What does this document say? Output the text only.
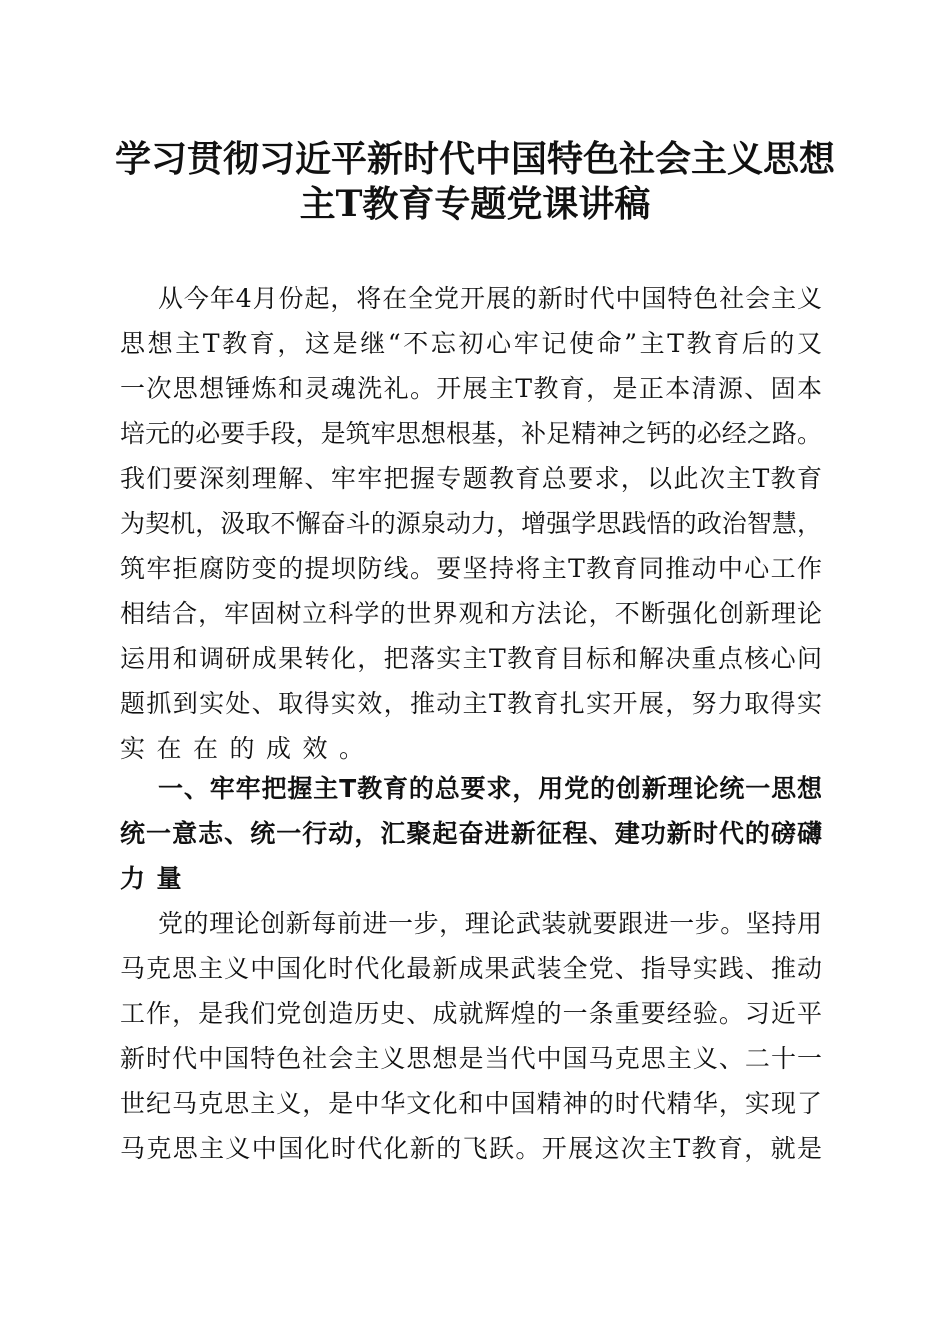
学习贯彻习近平新时代中国特色社会主义思想
主T教育专题党课讲稿
从今年4月份起，将在全党开展的新时代中国特色社会主义
思想主T教育，这是继“不忘初心牢记使命”主T教育后的又
一次思想锤炼和灵魂洗礼。开展主T教育，是正本清源、固本
培元的必要手段，是筑牢思想根基，补足精神之钙的必经之路。
我们要深刻理解、牢牢把握专题教育总要求，以此次主T教育
为契机，汲取不懈奋斗的源泉动力，增强学思践悟的政治智慧，
筑牢拒腐防变的提坝防线。要坚持将主T教育同推动中心工作
相结合，牢固树立科学的世界观和方法论，不断强化创新理论
运用和调研成果转化，把落实主T教育目标和解决重点核心问
题抓到实处、取得实效，推动主T教育扎实开展，努力取得实
实在在的成效。
一、牢牢把握主T教育的总要求，用党的创新理论统一思想
统一意志、统一行动，汇聚起奋进新征程、建功新时代的磅礴
力量
党的理论创新每前进一步，理论武装就要跟进一步。坚持用
马克思主义中国化时代化最新成果武装全党、指导实践、推动
工作，是我们党创造历史、成就辉煌的一条重要经验。习近平
新时代中国特色社会主义思想是当代中国马克思主义、二十一
世纪马克思主义，是中华文化和中国精神的时代精华，实现了
马克思主义中国化时代化新的飞跃。开展这次主T教育，就是
